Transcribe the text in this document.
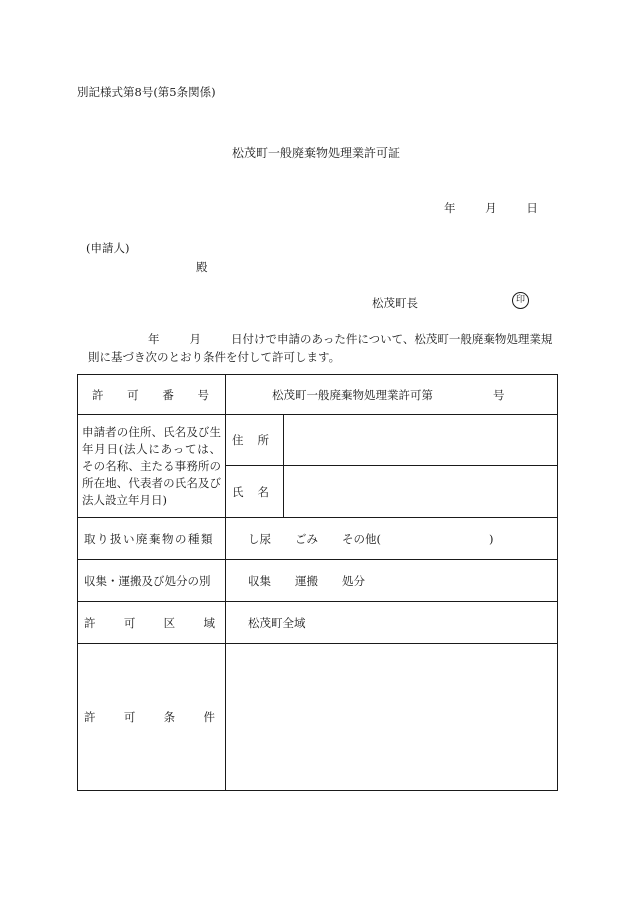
別記様式第8号(第5条関係)
松茂町一般廃棄物処理業許可証
年	月	日
(申請人)
殿
松茂町長	印
年	月	日付けで申請のあった件について、松茂町一般廃棄物処理業規
則に基づき次のとおり条件を付して許可します。
許 可 番 号	松茂町一般廃棄物処理業許可第 号	

申請者の住所、氏名及び生年月日(法人にあっては、その名称、主たる事務所の所在地、代表者の氏名及び法人設立年月日)	住 所	

	氏 名	

取り扱い廃棄物の種類	し尿 ごみ その他( )	
収集・運搬及び処分の別	収集 運搬 処分	

許 可 区 域	松茂町全域	

許 可 条 件		
